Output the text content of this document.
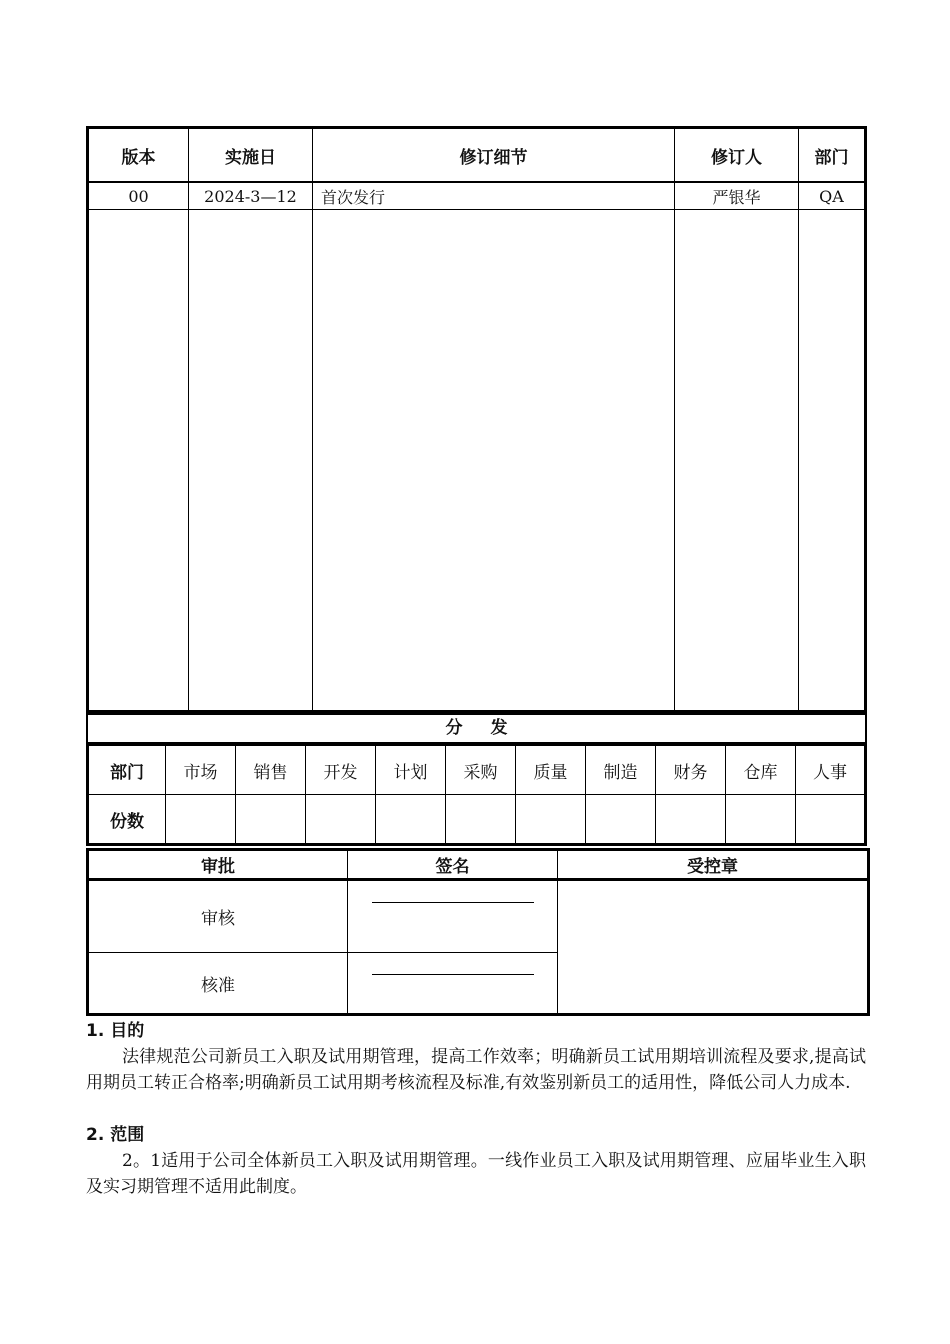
版本	实施日	修订细节	修订人	部门
00	2024-3—12	首次发行	严银华	QA

分发
部门	市场	销售	开发	计划	采购	质量	制造	财务	仓库	人事
份数										
审批	签名	受控章
审核	

核准		
1. 目的
法律规范公司新员工入职及试用期管理，提高工作效率；明确新员工试用期培训流程及要求,提高试用期员工转正合格率;明确新员工试用期考核流程及标准,有效鉴别新员工的适用性，降低公司人力成本.
2. 范围
2。1适用于公司全体新员工入职及试用期管理。一线作业员工入职及试用期管理、应届毕业生入职及实习期管理不适用此制度。
